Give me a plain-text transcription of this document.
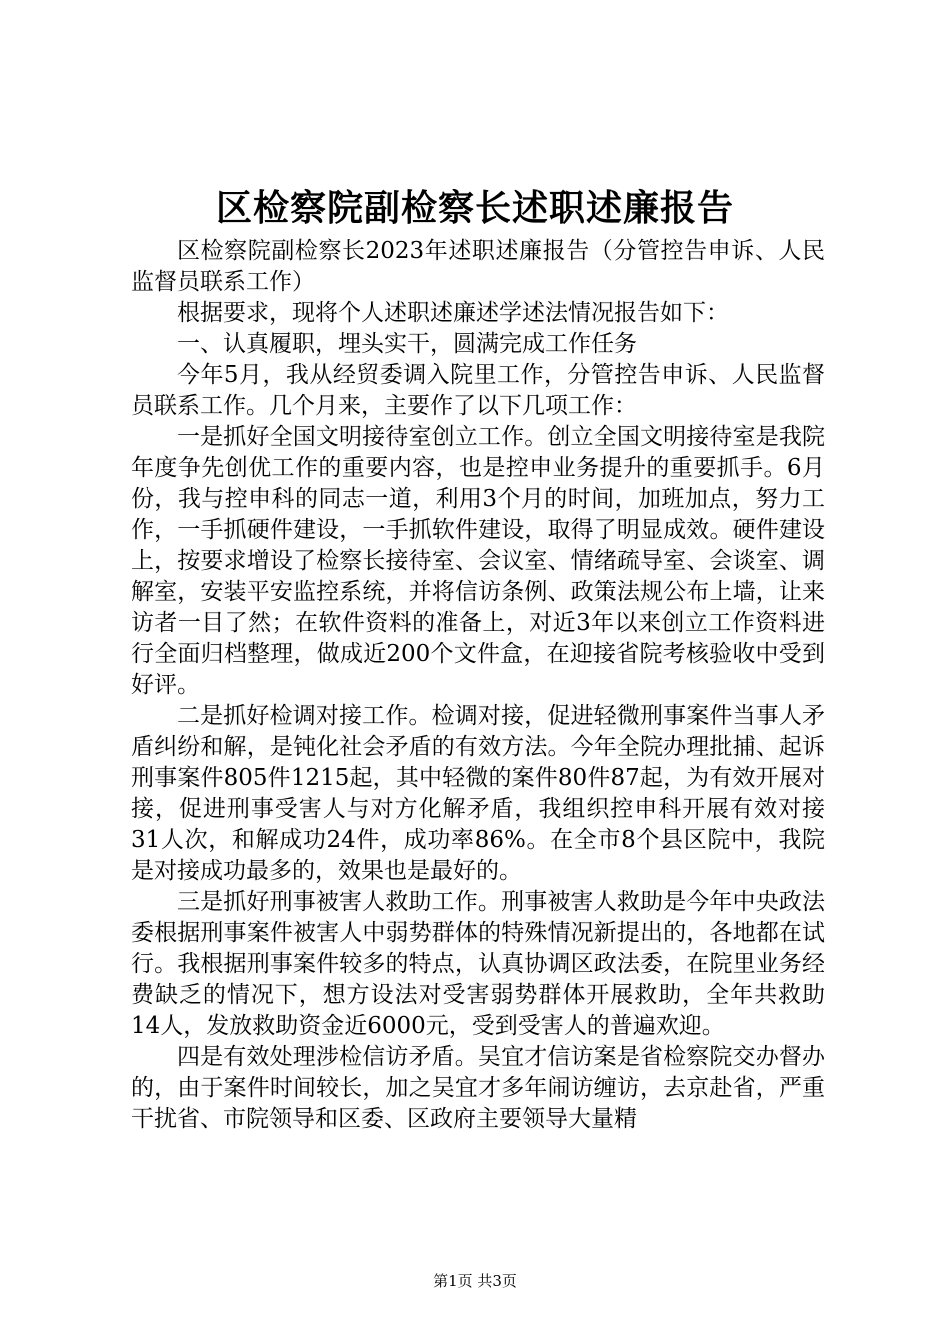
区检察院副检察长述职述廉报告

区检察院副检察长2023年述职述廉报告（分管控告申诉、人民监督员联系工作）

根据要求，现将个人述职述廉述学述法情况报告如下：

一、认真履职，埋头实干，圆满完成工作任务

今年5月，我从经贸委调入院里工作，分管控告申诉、人民监督员联系工作。几个月来，主要作了以下几项工作：

一是抓好全国文明接待室创立工作。创立全国文明接待室是我院年度争先创优工作的重要内容，也是控申业务提升的重要抓手。6月份，我与控申科的同志一道，利用3个月的时间，加班加点，努力工作，一手抓硬件建设，一手抓软件建设，取得了明显成效。硬件建设上，按要求增设了检察长接待室、会议室、情绪疏导室、会谈室、调解室，安装平安监控系统，并将信访条例、政策法规公布上墙，让来访者一目了然；在软件资料的准备上，对近3年以来创立工作资料进行全面归档整理，做成近200个文件盒，在迎接省院考核验收中受到好评。

二是抓好检调对接工作。检调对接，促进轻微刑事案件当事人矛盾纠纷和解，是钝化社会矛盾的有效方法。今年全院办理批捕、起诉刑事案件805件1215起，其中轻微的案件80件87起，为有效开展对接，促进刑事受害人与对方化解矛盾，我组织控申科开展有效对接31人次，和解成功24件，成功率86%。在全市8个县区院中，我院是对接成功最多的，效果也是最好的。

三是抓好刑事被害人救助工作。刑事被害人救助是今年中央政法委根据刑事案件被害人中弱势群体的特殊情况新提出的，各地都在试行。我根据刑事案件较多的特点，认真协调区政法委，在院里业务经费缺乏的情况下，想方设法对受害弱势群体开展救助，全年共救助14人，发放救助资金近6000元，受到受害人的普遍欢迎。

四是有效处理涉检信访矛盾。吴宜才信访案是省检察院交办督办的，由于案件时间较长，加之吴宜才多年闹访缠访，去京赴省，严重干扰省、市院领导和区委、区政府主要领导大量精

第1页 共3页
